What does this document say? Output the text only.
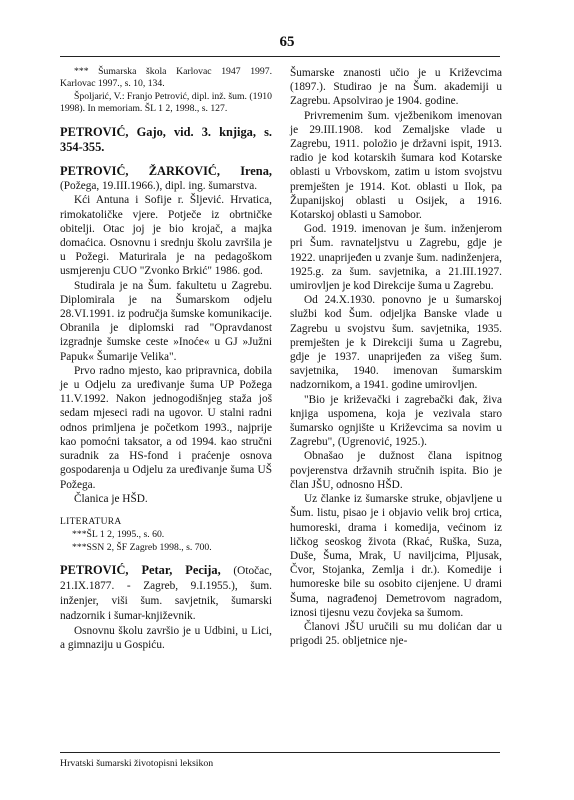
65

*** Šumarska škola Karlovac 1947 1997. Karlovac 1997., s. 10, 134.

Špoljarić, V.: Franjo Petrović, dipl. inž. šum. (1910 1998). In memoriam. ŠL 1 2, 1998., s. 127.

PETROVIĆ, Gajo, vid. 3. knjiga, s. 354-355.

PETROVIĆ, ŽARKOVIĆ, Irena, (Požega, 19.III.1966.), dipl. ing. šumarstva.

Kći Antuna i Sofije r. Šljević. Hrvatica, rimokatoličke vjere. Potječe iz obrtničke obitelji. Otac joj je bio krojač, a majka domaćica. Osnovnu i srednju školu završila je u Požegi. Maturirala je na pedagoškom usmjerenju CUO "Zvonko Brkić" 1986. god.

Studirala je na Šum. fakultetu u Zagrebu. Diplomirala je na Šumarskom odjelu 28.VI.1991. iz područja šumske komunikacije. Obranila je diplomski rad "Opravdanost izgradnje šumske ceste »Inoće« u GJ »Južni Papuk« Šumarije Velika".

Prvo radno mjesto, kao pripravnica, dobila je u Odjelu za uređivanje šuma UP Požega 11.V.1992. Nakon jednogodišnjeg staža još sedam mjeseci radi na ugovor. U stalni radni odnos primljena je početkom 1993., najprije kao pomoćni taksator, a od 1994. kao stručni suradnik za HS-fond i praćenje osnova gospodarenja u Odjelu za uređivanje šuma UŠ Požega.

Članica je HŠD.

LITERATURA

***ŠL 1 2, 1995., s. 60.

***SSN 2, ŠF Zagreb 1998., s. 700.

PETROVIĆ, Petar, Pecija, (Otočac, 21.IX.1877. - Zagreb, 9.I.1955.), šum. inženjer, viši šum. savjetnik, šumarski nadzornik i šumar-književnik.

Osnovnu školu završio je u Udbini, u Lici, a gimnaziju u Gospiću.

Šumarske znanosti učio je u Križevcima (1897.). Studirao je na Šum. akademiji u Zagrebu. Apsolvirao je 1904. godine.

Privremenim šum. vježbenikom imenovan je 29.III.1908. kod Zemaljske vlade u Zagrebu, 1911. položio je državni ispit, 1913. radio je kod kotarskih šumara kod Kotarske oblasti u Vrbovskom, zatim u istom svojstvu premješten je 1914. Kot. oblasti u Ilok, pa Županijskoj oblasti u Osijek, a 1916. Kotarskoj oblasti u Samobor.

God. 1919. imenovan je šum. inženjerom pri Šum. ravnateljstvu u Zagrebu, gdje je 1922. unaprijeđen u zvanje šum. nadinženjera, 1925.g. za šum. savjetnika, a 21.III.1927. umirovljen je kod Direkcije šuma u Zagrebu.

Od 24.X.1930. ponovno je u šumarskoj službi kod Šum. odjeljka Banske vlade u Zagrebu u svojstvu šum. savjetnika, 1935. premješten je k Direkciji šuma u Zagrebu, gdje je 1937. unaprijeđen za višeg šum. savjetnika, 1940. imenovan šumarskim nadzornikom, a 1941. godine umirovljen.

"Bio je križevački i zagrebački đak, živa knjiga uspomena, koja je vezivala staro šumarsko ognjište u Križevcima sa novim u Zagrebu", (Ugrenović, 1925.).

Obnašao je dužnost člana ispitnog povjerenstva državnih stručnih ispita. Bio je član JŠU, odnosno HŠD.

Uz članke iz šumarske struke, objavljene u Šum. listu, pisao je i objavio velik broj crtica, humoreski, drama i komedija, većinom iz ličkog seoskog života (Rkać, Ruška, Suza, Duše, Šuma, Mrak, U naviljcima, Pljusak, Čvor, Stojanka, Zemlja i dr.). Komedije i humoreske bile su osobito cijenjene. U drami Šuma, nagrađenoj Demetrovom nagradom, iznosi tijesnu vezu čovjeka sa šumom.

Članovi JŠU uručili su mu dolićan dar u prigodi 25. obljetnice nje-

Hrvatski šumarski životopisni leksikon
